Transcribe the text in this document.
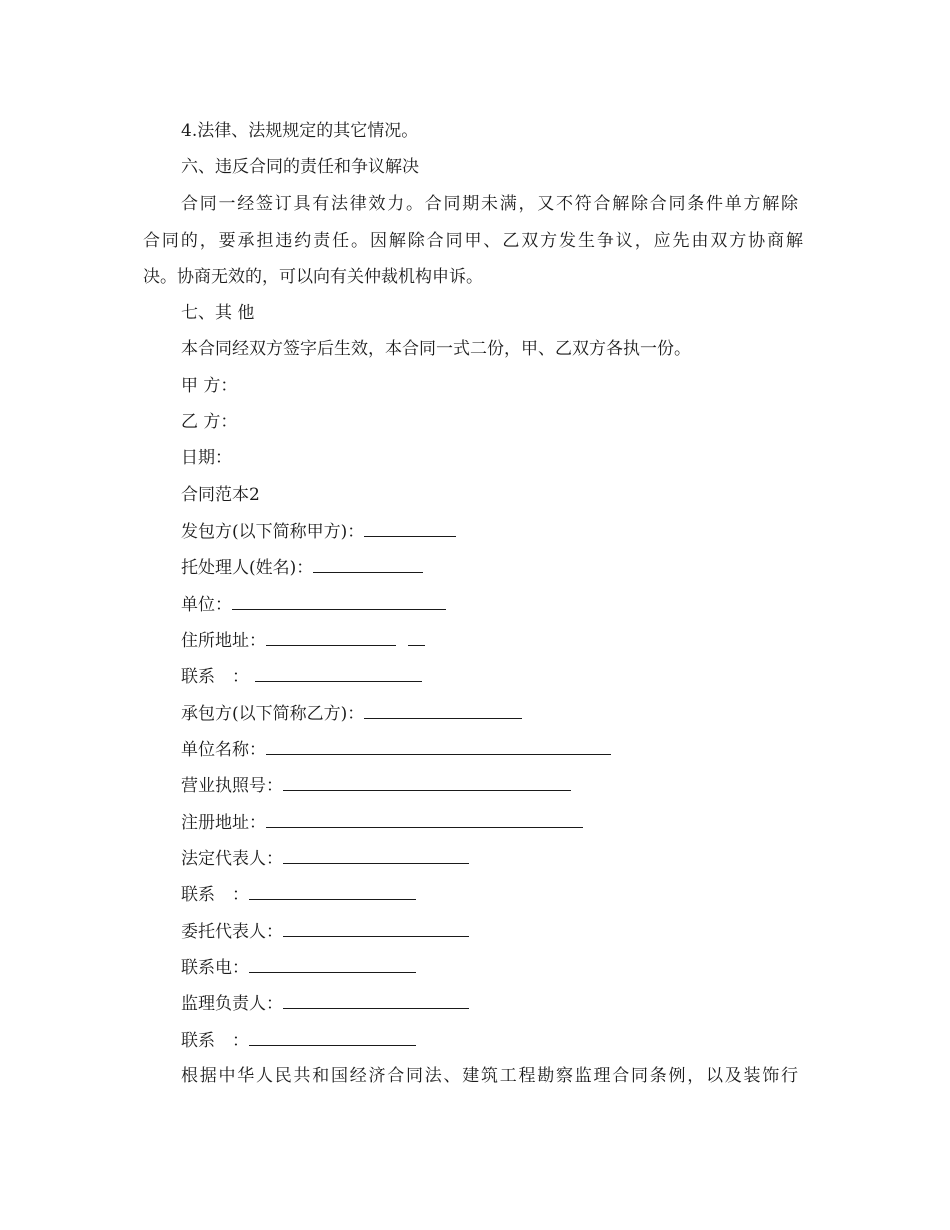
4.法律、法规规定的其它情况。
六、违反合同的责任和争议解决
合同一经签订具有法律效力。合同期未满，又不符合解除合同条件单方解除
合同的，要承担违约责任。因解除合同甲、乙双方发生争议，应先由双方协商解
决。协商无效的，可以向有关仲裁机构申诉。
七、其 他
本合同经双方签字后生效，本合同一式二份，甲、乙双方各执一份。
甲 方：
乙 方：
日期：
合同范本2
发包方(以下简称甲方)：
托处理人(姓名)：
单位：
住所地址：
联系　：
承包方(以下简称乙方)：
单位名称：
营业执照号：
注册地址：
法定代表人：
联系　：
委托代表人：
联系电：
监理负责人：
联系　：
根据中华人民共和国经济合同法、建筑工程勘察监理合同条例，以及装饰行
